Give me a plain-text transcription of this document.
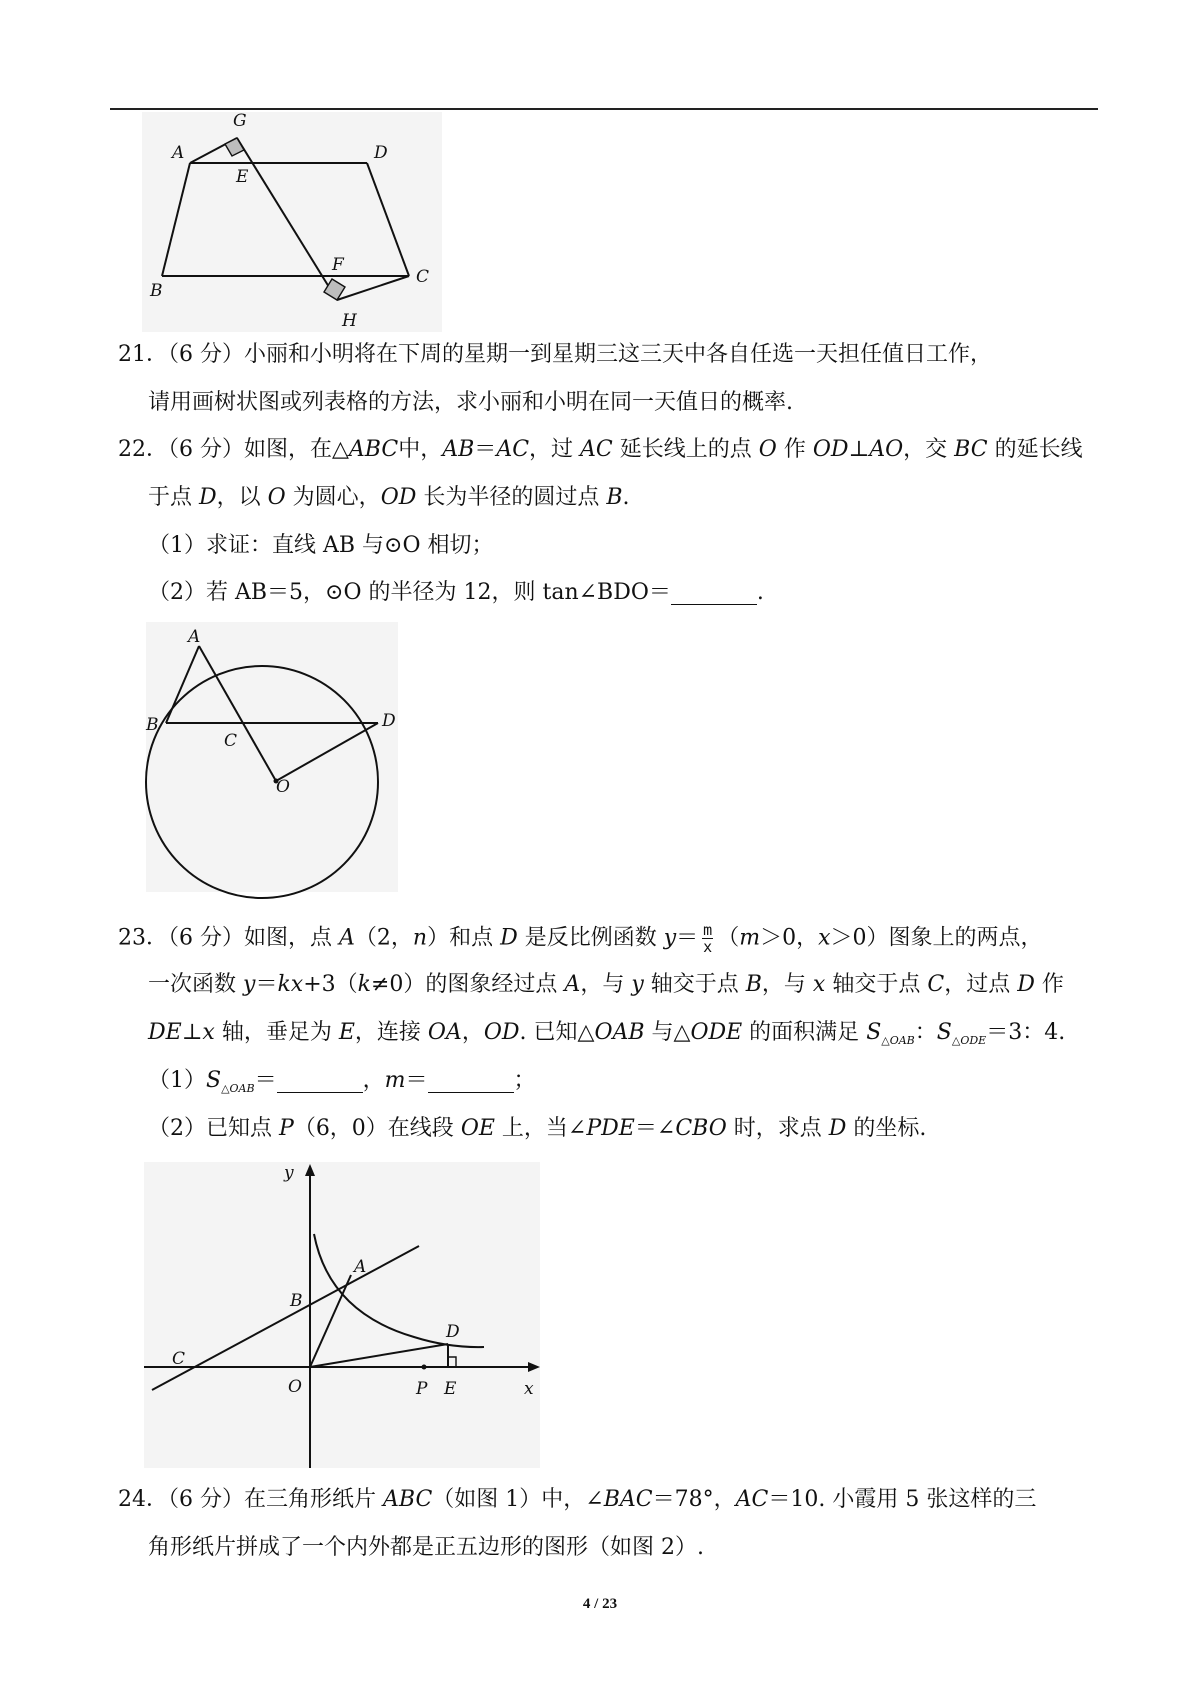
A
G
E
D
B
F
C
H
21．（6 分）小丽和小明将在下周的星期一到星期三这三天中各自任选一天担任值日工作，
请用画树状图或列表格的方法，求小丽和小明在同一天值日的概率.
22．（6 分）如图，在△ABC中，AB＝AC，过 AC 延长线上的点 O 作 OD⊥AO，交 BC 的延长线
于点 D，以 O 为圆心，OD 长为半径的圆过点 B.
（1）求证：直线 AB 与⊙O 相切；
（2）若 AB＝5，⊙O 的半径为 12，则 tan∠BDO＝	.
A
B
C
D
O
23．（6 分）如图，点 A（2，n）和点 D 是反比例函数 $y= \frac{m}{x} (m>0$，x＞0）图象上的两点，
一次函数 y＝kx+3（k≠0）的图象经过点 A，与 y 轴交于点 B，与 x 轴交于点 C，过点 D 作
DE⊥x 轴，垂足为 E，连接 OA，OD. 已知△OAB 与△ODE 的面积满足 $S_{\triangle OAB}$：$S_{\triangle ODE}=3$：4.
$(1)S_{\triangle OAB}=$	，m＝	；
（2）已知点 P（6，0）在线段 OE 上，当∠PDE＝∠CBO 时，求点 D 的坐标.
y
x
A
B
C
D
O	P E
24．（6 分）在三角形纸片 ABC（如图 1）中，∠BAC＝78°，AC＝10. 小霞用 5 张这样的三
角形纸片拼成了一个内外都是正五边形的图形（如图 2）.
4 / 23
